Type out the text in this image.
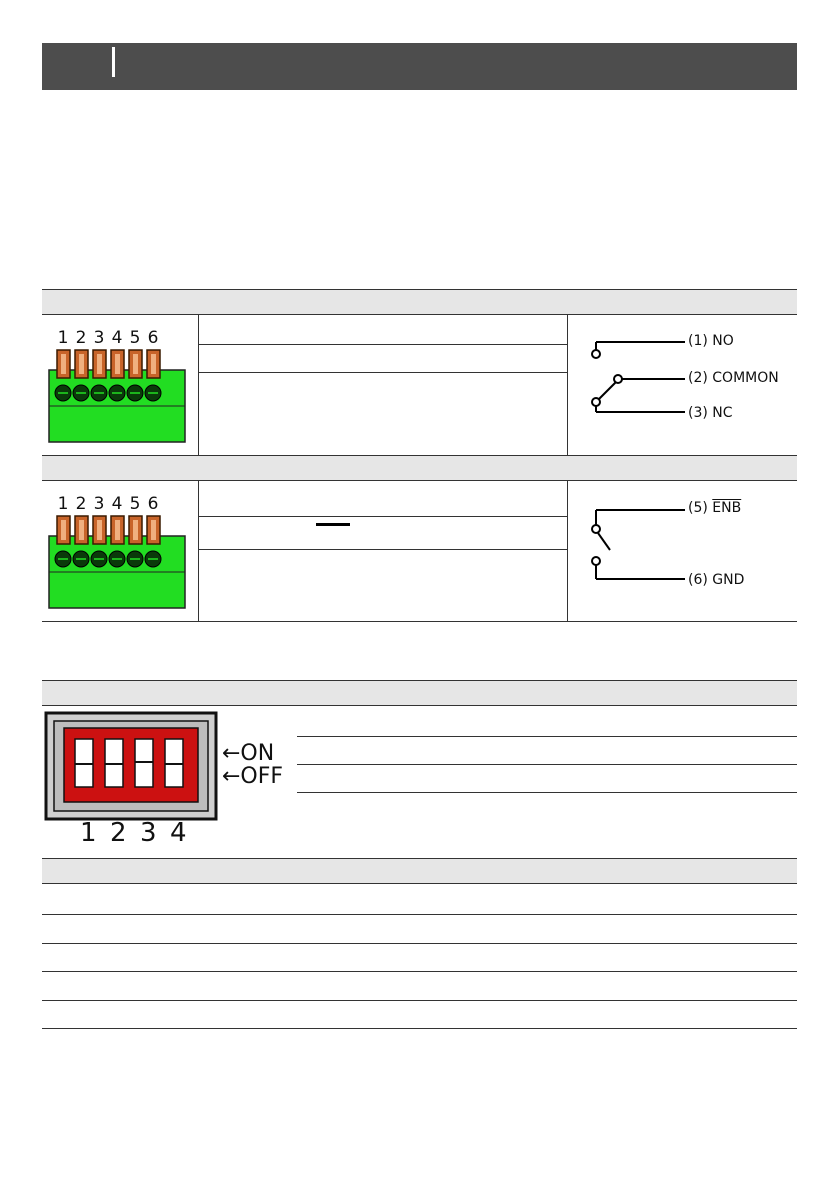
1 2 3 4 5 6	(1) NO
(2) COMMON
(3) NC
1 2 3 4 5 6	(5) $\overline{ENB}$
(6) GND
←ON
←OFF
1 2 3 4
